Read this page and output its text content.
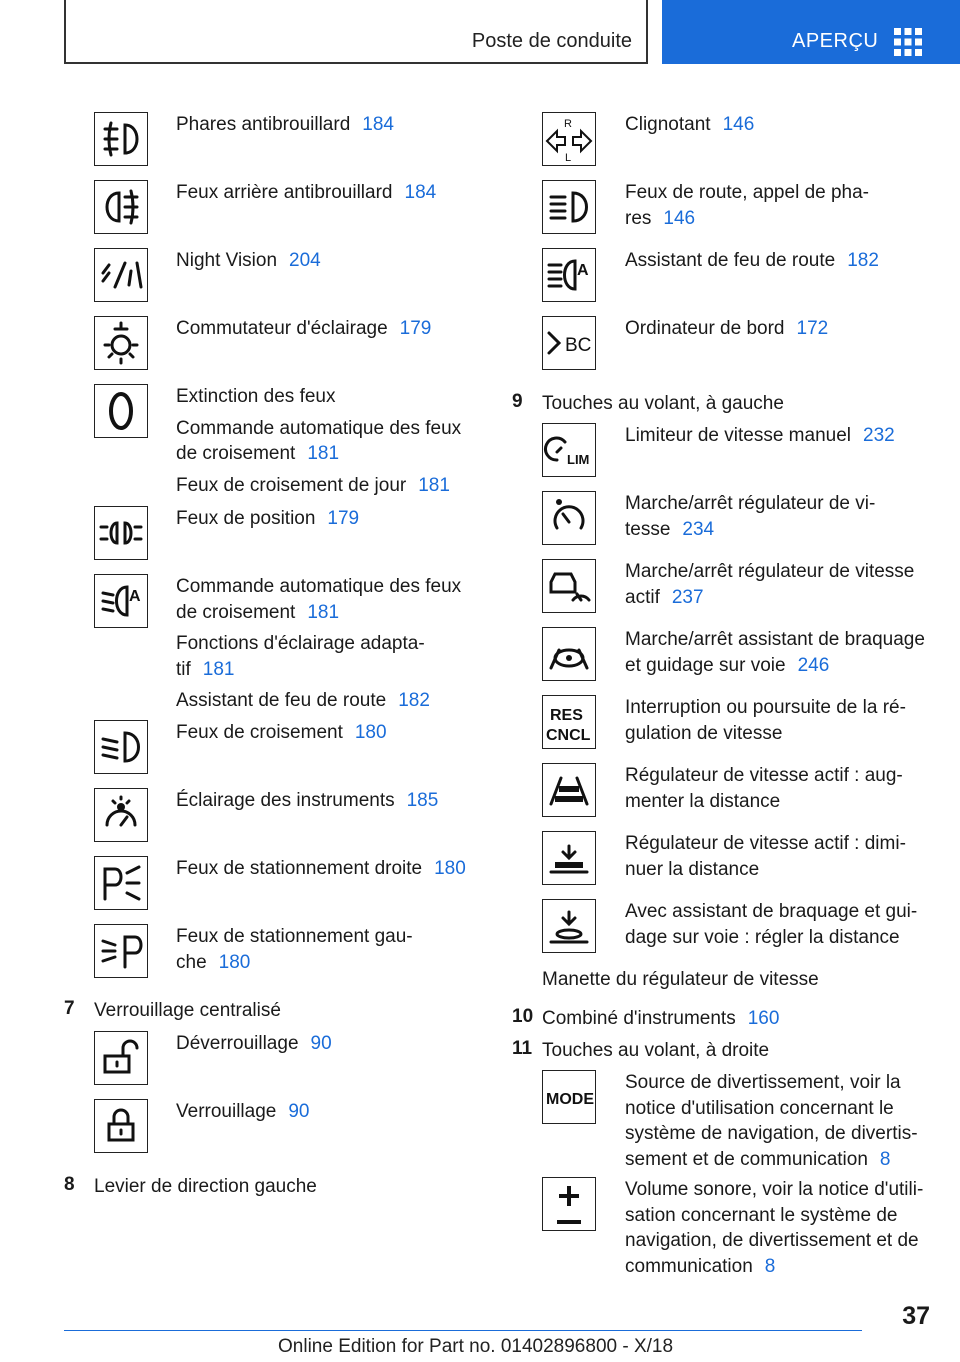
Poste de conduite	APERÇU
Phares antibrouillard 184
Feux arrière antibrouillard 184
Night Vision 204
Commutateur d'éclairage 179
Extinction des feux
Commande automatique des feux
de croisement 181
Feux de croisement de jour 181
Feux de position 179
A Commande automatique des feux
de croisement 181
Fonctions d'éclairage adapta-
tif 181
Assistant de feu de route 182
Feux de croisement 180
Éclairage des instruments 185
Feux de stationnement droite 180
Feux de stationnement gau-
che 180
7 Verrouillage centralisé
Déverrouillage 90
Verrouillage 90
8 Levier de direction gauche
R
L
Clignotant 146
Feux de route, appel de pha-
res 146
A Assistant de feu de route 182
BC
Ordinateur de bord 172
9 Touches au volant, à gauche
LIM
Limiteur de vitesse manuel 232
Marche/arrêt régulateur de vi-
tesse 234
Marche/arrêt régulateur de vitesse
actif 237
Marche/arrêt assistant de braquage
et guidage sur voie 246
RES
CNCL
Interruption ou poursuite de la ré-
gulation de vitesse
Régulateur de vitesse actif : aug-
menter la distance
Régulateur de vitesse actif : dimi-
nuer la distance
Avec assistant de braquage et gui-
dage sur voie : régler la distance
Manette du régulateur de vitesse
10 Combiné d'instruments 160
11 Touches au volant, à droite
MODE
Source de divertissement, voir la
notice d'utilisation concernant le
système de navigation, de divertis-
sement et de communication 8
Volume sonore, voir la notice d'utili-
sation concernant le système de
navigation, de divertissement et de
communication 8
37
Online Edition for Part no. 01402896800 - X/18
